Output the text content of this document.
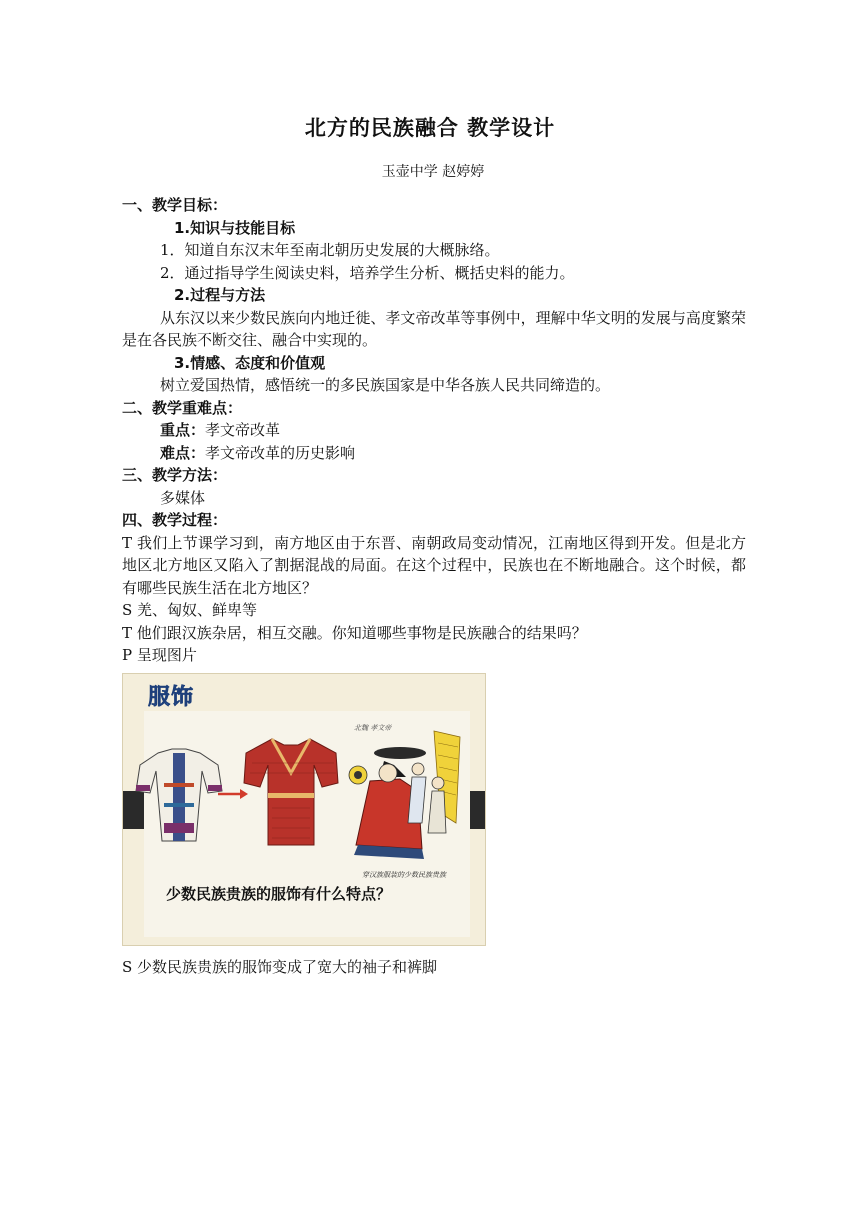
北方的民族融合 教学设计
玉壶中学 赵婷婷
一、教学目标：
1.知识与技能目标
1．知道自东汉末年至南北朝历史发展的大概脉络。
2．通过指导学生阅读史料，培养学生分析、概括史料的能力。
2.过程与方法
从东汉以来少数民族向内地迁徙、孝文帝改革等事例中，理解中华文明的发展与高度繁荣是在各民族不断交往、融合中实现的。
3.情感、态度和价值观
树立爱国热情，感悟统一的多民族国家是中华各族人民共同缔造的。
二、教学重难点：
重点：孝文帝改革
难点：孝文帝改革的历史影响
三、教学方法：
多媒体
四、教学过程：
T 我们上节课学习到，南方地区由于东晋、南朝政局变动情况，江南地区得到开发。但是北方地区北方地区又陷入了割据混战的局面。在这个过程中，民族也在不断地融合。这个时候，都有哪些民族生活在北方地区？
S 羌、匈奴、鲜卑等
T 他们跟汉族杂居，相互交融。你知道哪些事物是民族融合的结果吗？
P 呈现图片
服饰
北魏 孝文帝
穿汉族服装的少数民族贵族
少数民族贵族的服饰有什么特点？
S 少数民族贵族的服饰变成了宽大的袖子和裤脚
